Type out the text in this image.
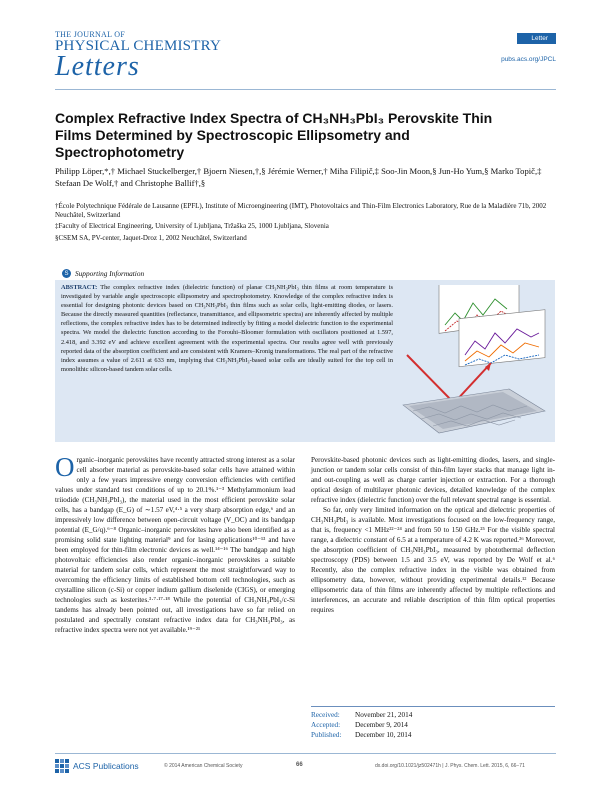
THE JOURNAL OF
PHYSICAL CHEMISTRY
Letters
Letter
pubs.acs.org/JPCL
Complex Refractive Index Spectra of CH₃NH₃PbI₃ Perovskite Thin Films Determined by Spectroscopic Ellipsometry and Spectrophotometry
Philipp Löper,*,† Michael Stuckelberger,† Bjoern Niesen,†,§ Jérémie Werner,† Miha Filipič,‡ Soo-Jin Moon,§ Jun-Ho Yum,§ Marko Topič,‡ Stefaan De Wolf,† and Christophe Ballif†,§

†École Polytechnique Fédérale de Lausanne (EPFL), Institute of Microengineering (IMT), Photovoltaics and Thin-Film Electronics Laboratory, Rue de la Maladière 71b, 2002 Neuchâtel, Switzerland

‡Faculty of Electrical Engineering, University of Ljubljana, Tržaška 25, 1000 Ljubljana, Slovenia

§CSEM SA, PV-center, Jaquet-Droz 1, 2002 Neuchâtel, Switzerland

S Supporting Information
ABSTRACT: The complex refractive index (dielectric function) of planar CH₃NH₃PbI₃ thin films at room temperature is investigated by variable angle spectroscopic ellipsometry and spectrophotometry. Knowledge of the complex refractive index is essential for designing photonic devices based on CH₃NH₃PbI₃ thin films such as solar cells, light-emitting diodes, or lasers. Because the directly measured quantities (reflectance, transmittance, and ellipsometric spectra) are inherently affected by multiple reflections, the complex refractive index has to be determined indirectly by fitting a model dielectric function to the experimental spectra. We model the dielectric function according to the Forouhi–Bloomer formulation with oscillators positioned at 1.597, 2.418, and 3.392 eV and achieve excellent agreement with the experimental spectra. Our results agree well with previously reported data of the absorption coefficient and are consistent with Kramers–Kronig transformations. The real part of the refractive index assumes a value of 2.611 at 633 nm, implying that CH₃NH₃PbI₃-based solar cells are ideally suited for the top cell in monolithic silicon-based tandem solar cells.
Organic–inorganic perovskites have recently attracted strong interest as a solar cell absorber material as perovskite-based solar cells have attained within only a few years impressive energy conversion efficiencies with certified values under standard test conditions of up to 20.1%.¹⁻³ Methylammonium lead triiodide (CH₃NH₃PbI₃), the material used in the most efficient perovskite solar cells, has a bandgap (E_G) of ∼1.57 eV,⁴·⁵ a very sharp absorption edge,⁶ and an impressively low difference between open-circuit voltage (V_OC) and its bandgap potential (E_G/q).⁶⁻⁸ Organic–inorganic perovskites have also been identified as a promising solid state lighting material⁹ and for lasing applications¹⁰⁻¹³ and have been employed for thin-film electronic devices as well.¹⁴⁻¹⁶ The bandgap and high photovoltaic efficiencies also render organic–inorganic perovskites a suitable material for tandem solar cells, which represent the most straightforward way to overcoming the efficiency limits of established bottom cell technologies, such as crystalline silicon (c-Si) or copper indium gallium diselenide (CIGS), or emerging technologies such as kesterites.³·⁷·¹⁷·¹⁸ While the potential of CH₃NH₃PbI₃/c-Si tandems has already been pointed out, all investigations have so far relied on postulated and spectrally constant refractive index data for CH₃NH₃PbI₃, as refractive index spectra were not yet available.¹⁹⁻²¹

Perovskite-based photonic devices such as light-emitting diodes, lasers, and single-junction or tandem solar cells consist of thin-film layer stacks that manage light in- and out-coupling as well as charge carrier injection or extraction. For a thorough optical design of multilayer photonic devices, detailed knowledge of the complex refractive index (dielectric function) over the full relevant spectral range is essential.

So far, only very limited information on the optical and dielectric properties of CH₃NH₃PbI₃ is available. Most investigations focused on the low-frequency range, that is, frequency <1 MHz²²⁻²⁴ and from 50 to 150 GHz.²⁵ For the visible spectral range, a dielectric constant of 6.5 at a temperature of 4.2 K was reported.²⁶ Moreover, the absorption coefficient of CH₃NH₃PbI₃, measured by photothermal deflection spectroscopy (PDS) between 1.5 and 3.5 eV, was reported by De Wolf et al.⁶ Recently, also the complex refractive index in the visible was obtained from ellipsometry data, however, without providing experimental details.¹² Because ellipsometric data of thin films are inherently affected by multiple reflections and interferences, an accurate and reliable description of thin film optical properties requires

Received:	November 21, 2014
Accepted:	December 9, 2014
Published:	December 10, 2014
ACS Publications	© 2014 American Chemical Society	66	dx.doi.org/10.1021/jz502471h | J. Phys. Chem. Lett. 2015, 6, 66−71
